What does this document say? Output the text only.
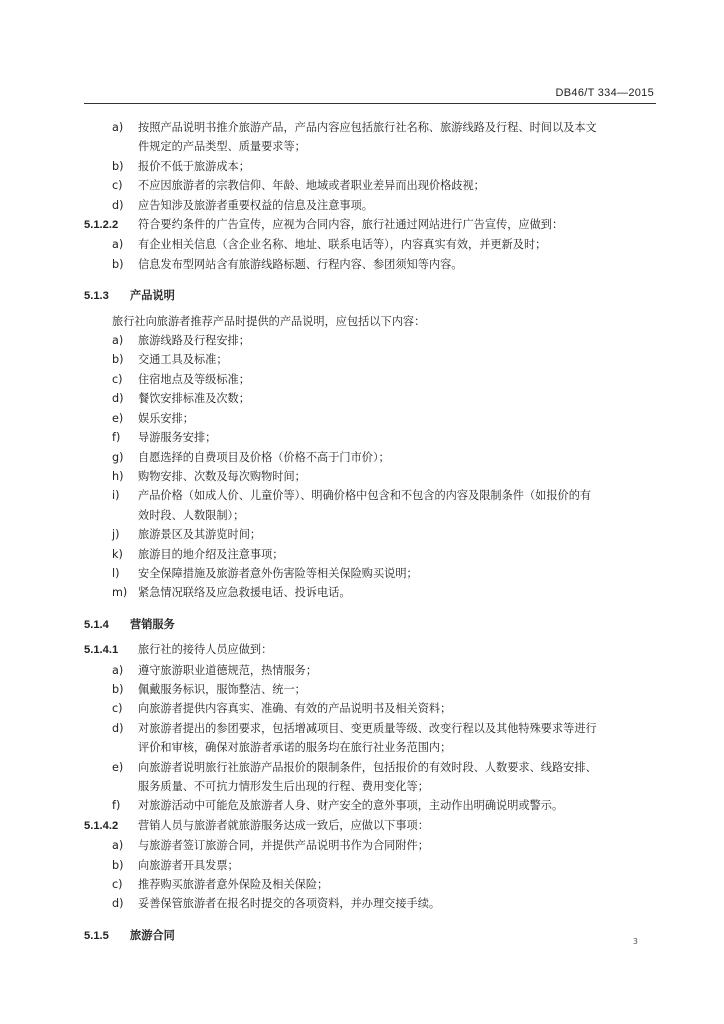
DB46/T 334—2015
a) 按照产品说明书推介旅游产品，产品内容应包括旅行社名称、旅游线路及行程、时间以及本文
件规定的产品类型、质量要求等；
b) 报价不低于旅游成本；
c) 不应因旅游者的宗教信仰、年龄、地域或者职业差异而出现价格歧视；
d) 应告知涉及旅游者重要权益的信息及注意事项。
5.1.2.2 符合要约条件的广告宣传，应视为合同内容，旅行社通过网站进行广告宣传，应做到：
a) 有企业相关信息（含企业名称、地址、联系电话等），内容真实有效，并更新及时；
b) 信息发布型网站含有旅游线路标题、行程内容、参团须知等内容。
5.1.3 产品说明
旅行社向旅游者推荐产品时提供的产品说明，应包括以下内容：
a) 旅游线路及行程安排；
b) 交通工具及标准；
c) 住宿地点及等级标准；
d) 餐饮安排标准及次数；
e) 娱乐安排；
f) 导游服务安排；
g) 自愿选择的自费项目及价格（价格不高于门市价）；
h) 购物安排、次数及每次购物时间；
i) 产品价格（如成人价、儿童价等）、明确价格中包含和不包含的内容及限制条件（如报价的有
效时段、人数限制）；
j) 旅游景区及其游览时间；
k) 旅游目的地介绍及注意事项；
l) 安全保障措施及旅游者意外伤害险等相关保险购买说明；
m) 紧急情况联络及应急救援电话、投诉电话。
5.1.4 营销服务
5.1.4.1 旅行社的接待人员应做到：
a) 遵守旅游职业道德规范，热情服务；
b) 佩戴服务标识，服饰整洁、统一；
c) 向旅游者提供内容真实、准确、有效的产品说明书及相关资料；
d) 对旅游者提出的参团要求，包括增减项目、变更质量等级、改变行程以及其他特殊要求等进行
评价和审核，确保对旅游者承诺的服务均在旅行社业务范围内；
e) 向旅游者说明旅行社旅游产品报价的限制条件，包括报价的有效时段、人数要求、线路安排、
服务质量、不可抗力情形发生后出现的行程、费用变化等；
f) 对旅游活动中可能危及旅游者人身、财产安全的意外事项，主动作出明确说明或警示。
5.1.4.2 营销人员与旅游者就旅游服务达成一致后，应做以下事项：
a) 与旅游者签订旅游合同，并提供产品说明书作为合同附件；
b) 向旅游者开具发票；
c) 推荐购买旅游者意外保险及相关保险；
d) 妥善保管旅游者在报名时提交的各项资料，并办理交接手续。
5.1.5 旅游合同	3
